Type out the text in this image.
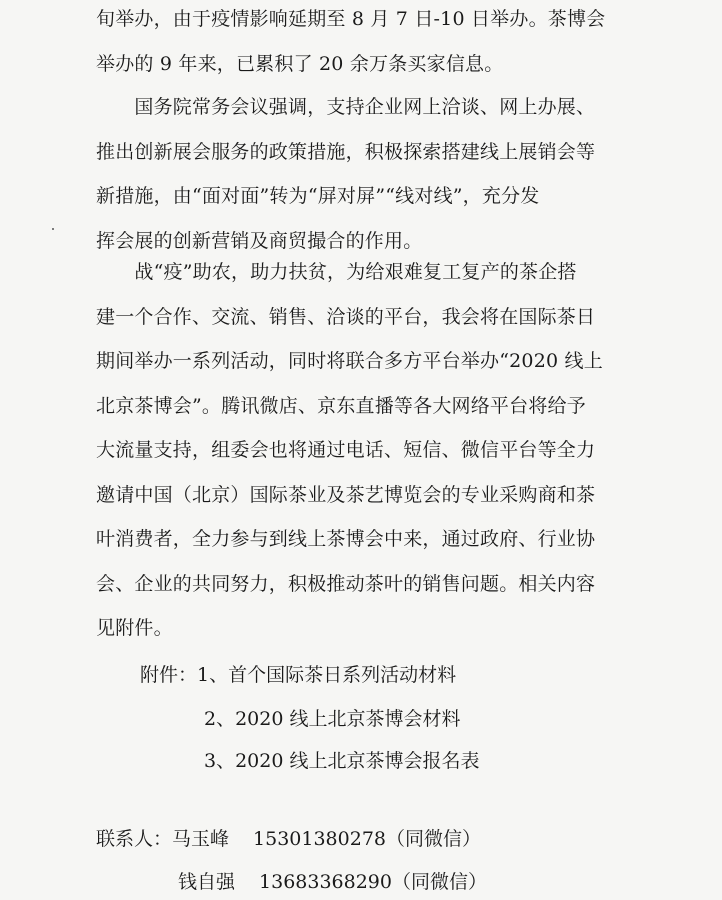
旬举办，由于疫情影响延期至 8 月 7 日-10 日举办。茶博会
举办的 9 年来，已累积了 20 余万条买家信息。
　　国务院常务会议强调，支持企业网上洽谈、网上办展、
推出创新展会服务的政策措施，积极探索搭建线上展销会等
新措施，由“面对面”转为“屏对屏”“线对线”，充分发
挥会展的创新营销及商贸撮合的作用。
　　战“疫”助农，助力扶贫，为给艰难复工复产的茶企搭
建一个合作、交流、销售、洽谈的平台，我会将在国际茶日
期间举办一系列活动，同时将联合多方平台举办“2020 线上
北京茶博会”。腾讯微店、京东直播等各大网络平台将给予
大流量支持，组委会也将通过电话、短信、微信平台等全力
邀请中国（北京）国际茶业及茶艺博览会的专业采购商和茶
叶消费者，全力参与到线上茶博会中来，通过政府、行业协
会、企业的共同努力，积极推动茶叶的销售问题。相关内容
见附件。
附件：1、首个国际茶日系列活动材料
2、2020 线上北京茶博会材料
3、2020 线上北京茶博会报名表
联系人：马玉峰 15301380278（同微信）
钱自强 13683368290（同微信）
